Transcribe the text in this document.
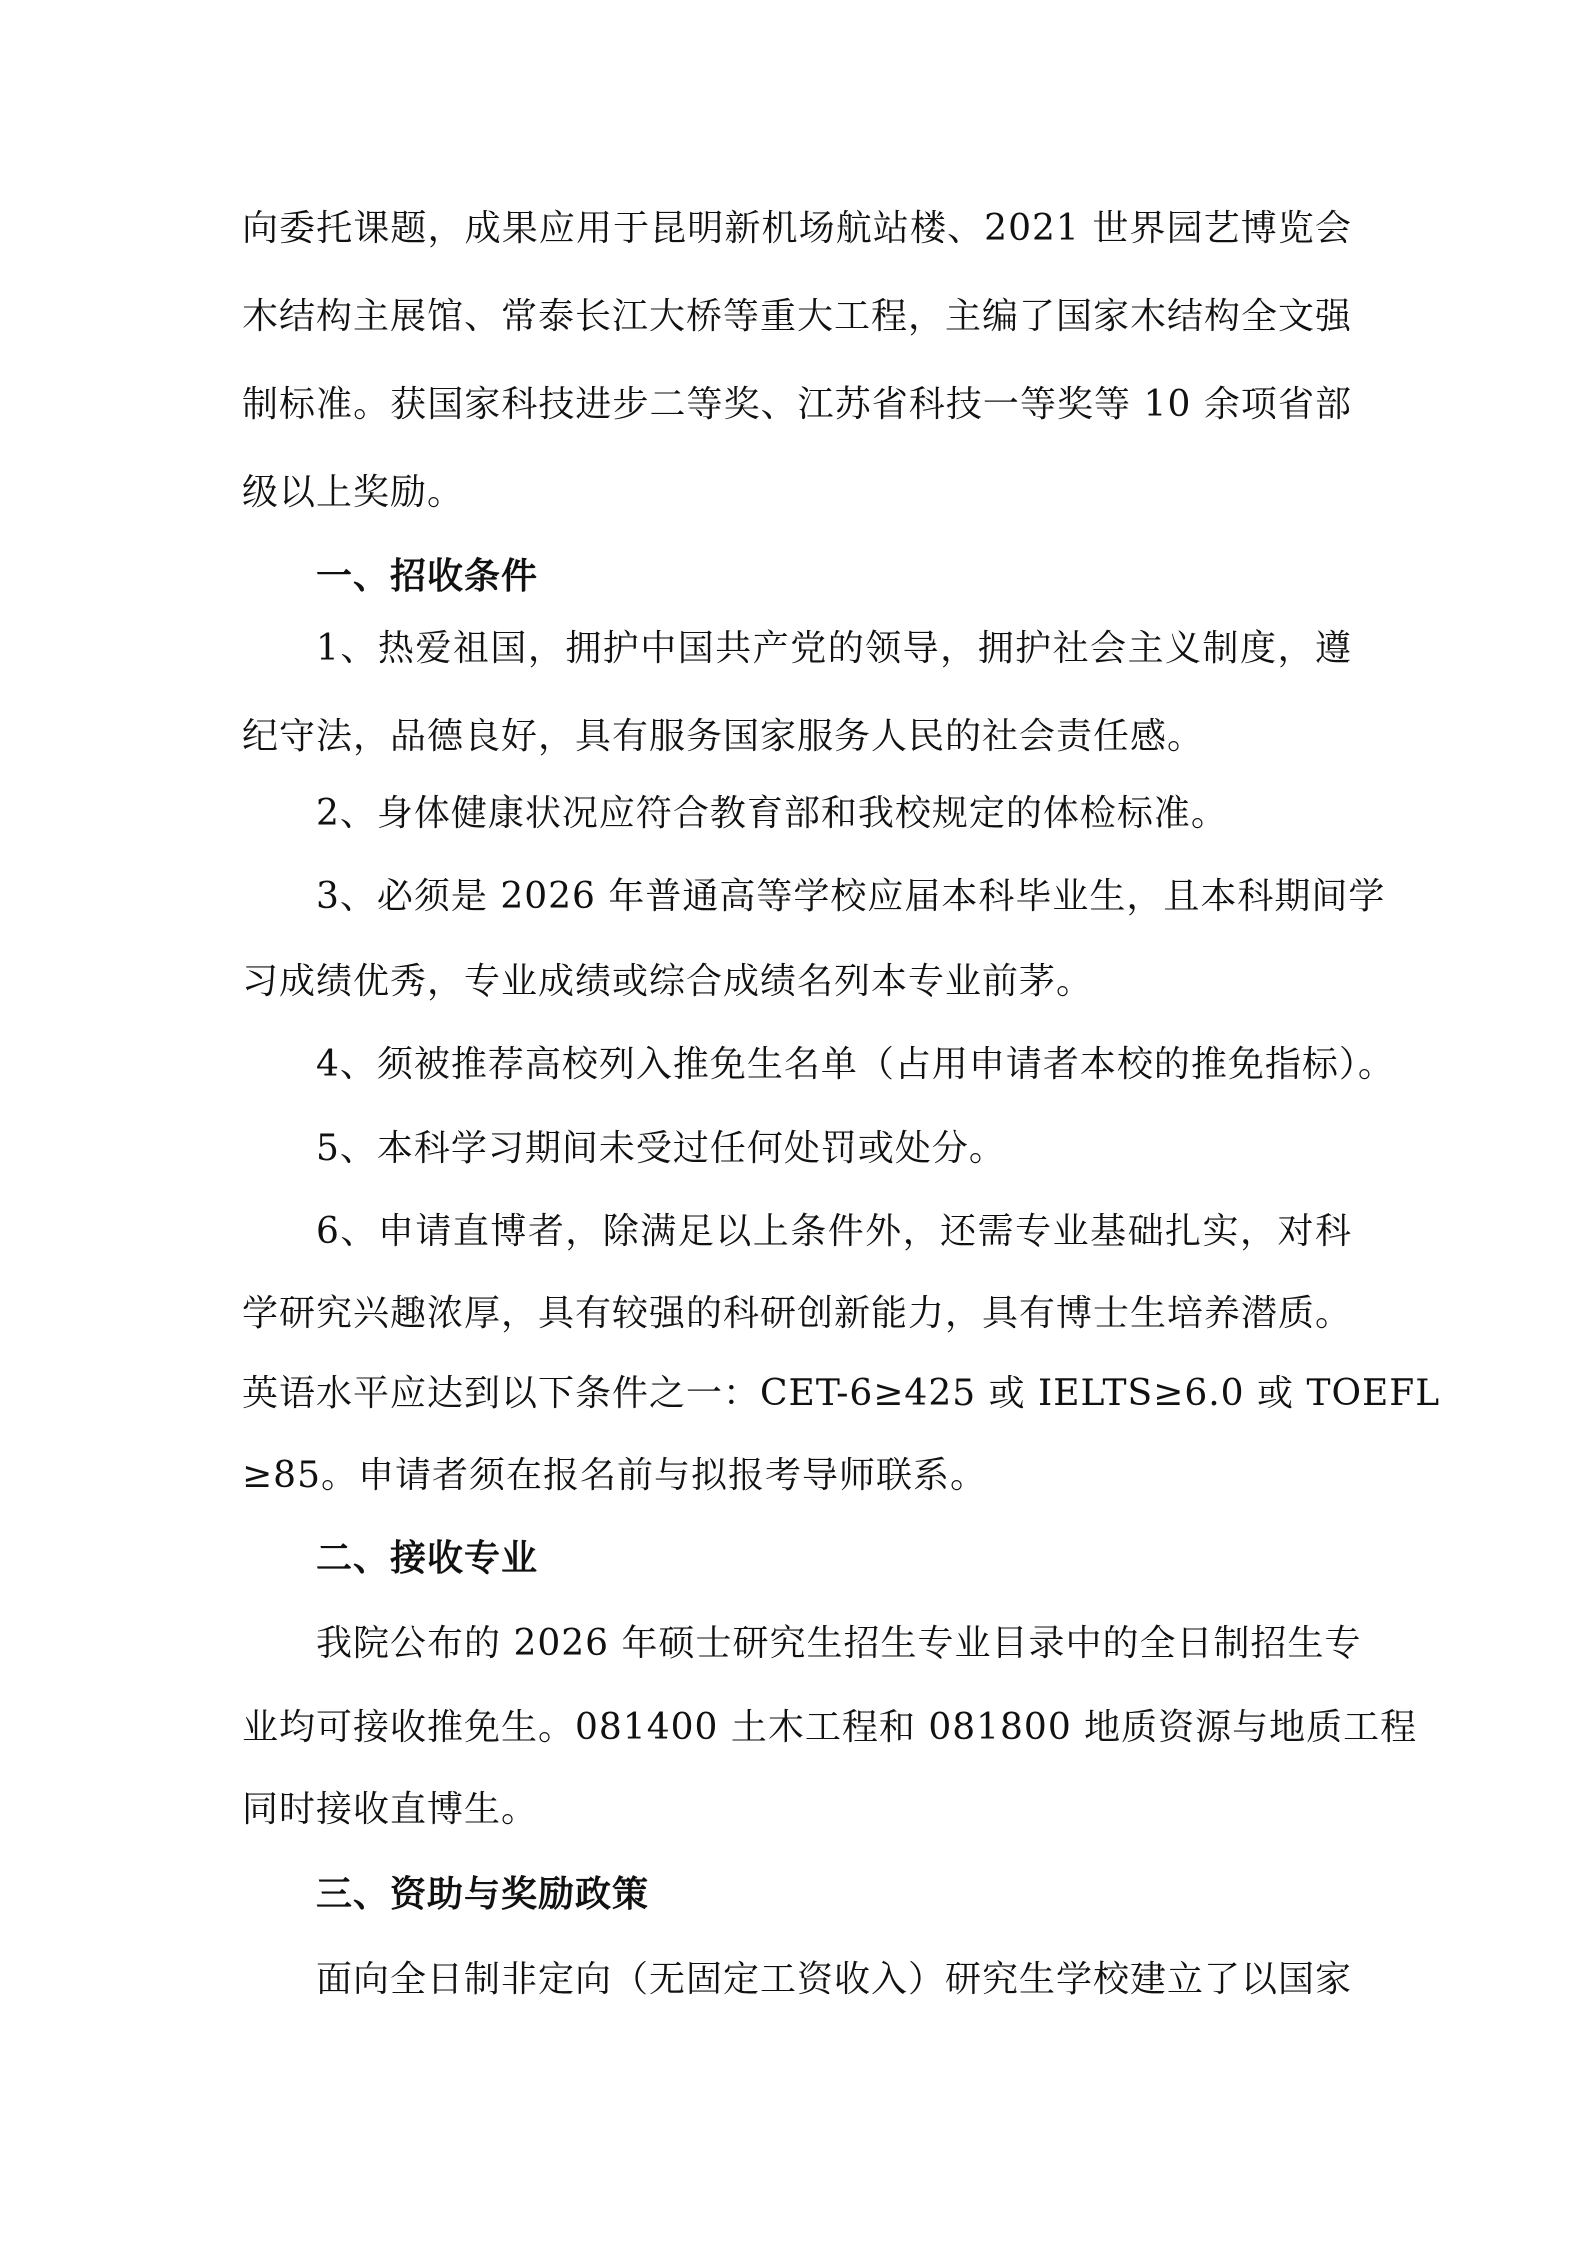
向委托课题，成果应用于昆明新机场航站楼、2021 世界园艺博览会
木结构主展馆、常泰长江大桥等重大工程，主编了国家木结构全文强
制标准。获国家科技进步二等奖、江苏省科技一等奖等 10 余项省部
级以上奖励。
一、招收条件
1、热爱祖国，拥护中国共产党的领导，拥护社会主义制度，遵
纪守法，品德良好，具有服务国家服务人民的社会责任感。
2、身体健康状况应符合教育部和我校规定的体检标准。
3、必须是 2026 年普通高等学校应届本科毕业生，且本科期间学
习成绩优秀，专业成绩或综合成绩名列本专业前茅。
4、须被推荐高校列入推免生名单（占用申请者本校的推免指标）。
5、本科学习期间未受过任何处罚或处分。
6、申请直博者，除满足以上条件外，还需专业基础扎实，对科
学研究兴趣浓厚，具有较强的科研创新能力，具有博士生培养潜质。
英语水平应达到以下条件之一：CET-6≥425 或 IELTS≥6.0 或 TOEFL
≥85。申请者须在报名前与拟报考导师联系。
二、接收专业
我院公布的 2026 年硕士研究生招生专业目录中的全日制招生专
业均可接收推免生。081400 土木工程和 081800 地质资源与地质工程
同时接收直博生。
三、资助与奖励政策
面向全日制非定向（无固定工资收入）研究生学校建立了以国家
